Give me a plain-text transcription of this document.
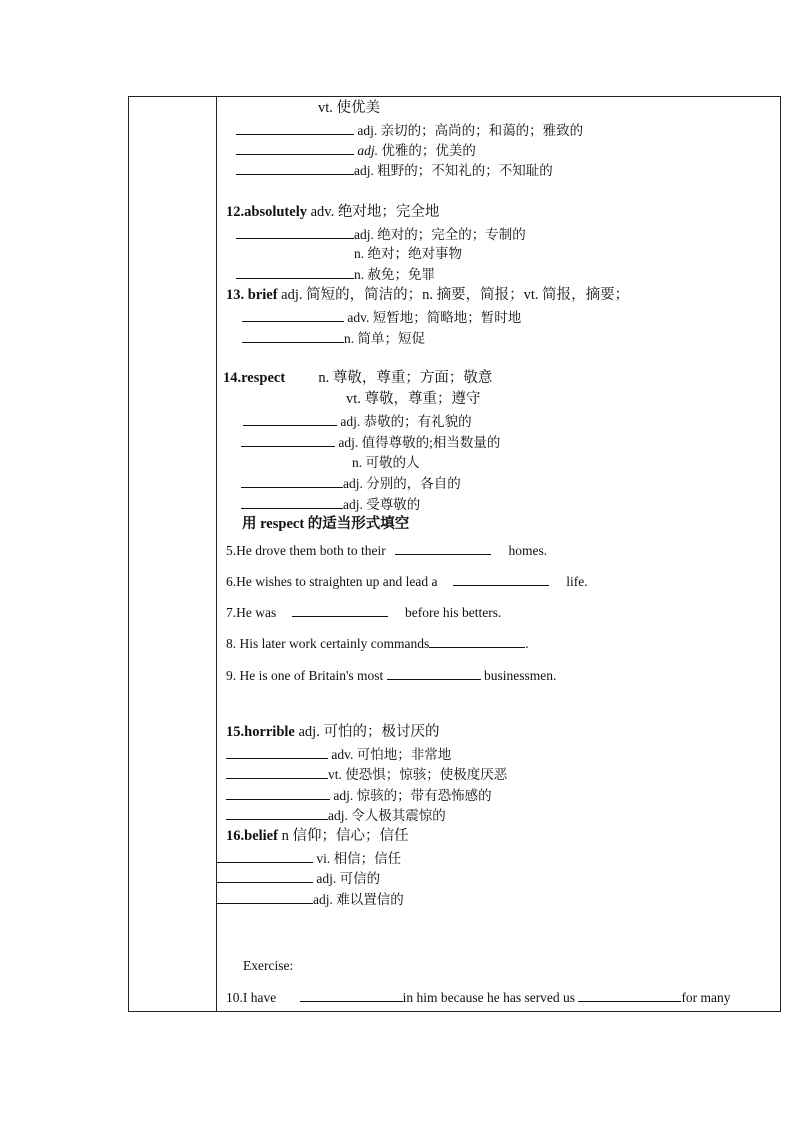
vt. 使优美
adj. 亲切的；高尚的；和蔼的；雅致的
adj. 优雅的；优美的
adj. 粗野的；不知礼的；不知耻的
12.absolutely adv. 绝对地；完全地
adj. 绝对的；完全的；专制的
n. 绝对；绝对事物
n. 赦免；免罪
13. brief adj. 简短的，简洁的；n. 摘要，简报；vt. 简报，摘要；
adv. 短暂地；简略地；暂时地
n. 简单；短促
14.respect n. 尊敬，尊重；方面；敬意
vt. 尊敬，尊重；遵守
adj. 恭敬的；有礼貌的
adj. 值得尊敬的;相当数量的
n. 可敬的人
adj. 分别的，各自的
adj. 受尊敬的
用 respect 的适当形式填空
5.He drove them both to their	homes.
6.He wishes to straighten up and lead a	life.
7.He was	before his betters.
8. His later work certainly commands	.
9. He is one of Britain's most	businessmen.
15.horrible adj. 可怕的；极讨厌的
adv. 可怕地；非常地
vt. 使恐惧；惊骇；使极度厌恶
adj. 惊骇的；带有恐怖感的
adj. 令人极其震惊的
16.belief n 信仰；信心；信任
vi. 相信；信任
adj. 可信的
adj. 难以置信的
Exercise:
10.I have	in him because he has served us	for many
